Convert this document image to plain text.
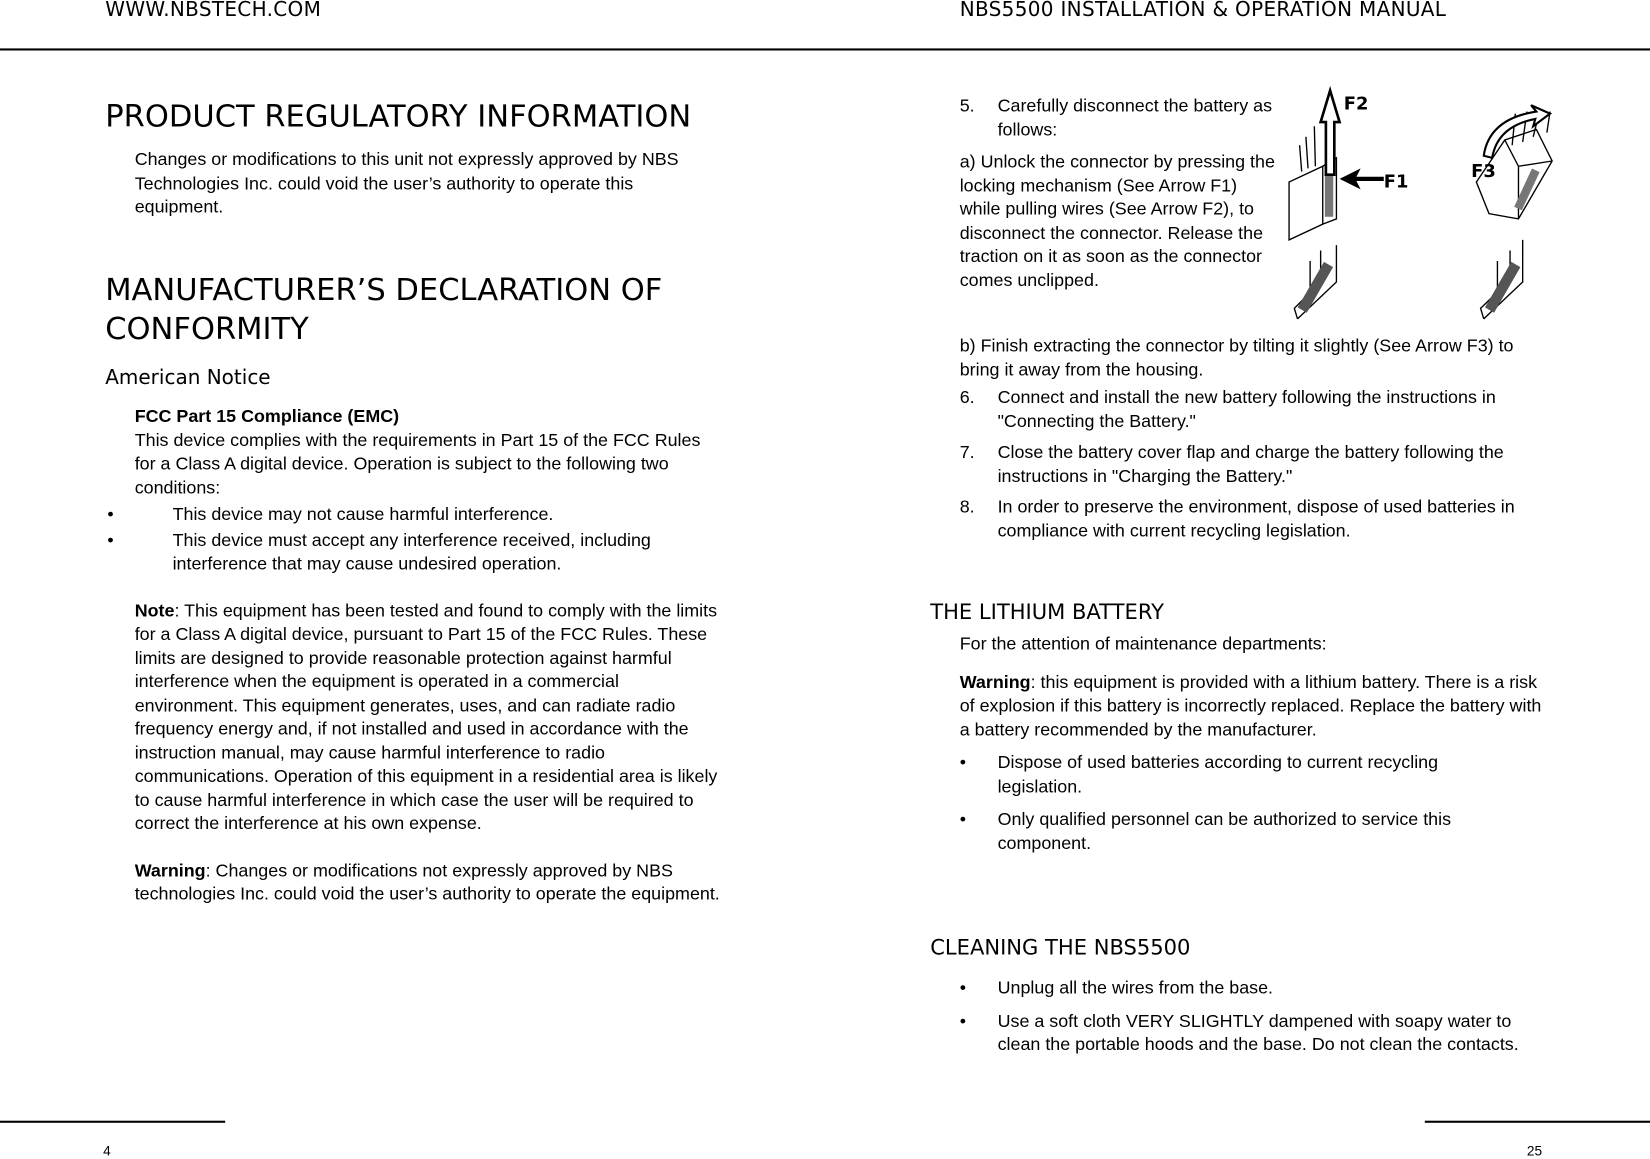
WWW.NBSTECH.COM	NBS5500 INSTALLATION & OPERATION MANUAL
PRODUCT REGULATORY INFORMATION
Changes or modifications to this unit not expressly approved by NBS Technologies Inc. could void the user’s authority to operate this equipment.
MANUFACTURER’S DECLARATION OF CONFORMITY
American Notice
FCC Part 15 Compliance (EMC)
This device complies with the requirements in Part 15 of the FCC Rules for a Class A digital device. Operation is subject to the following two conditions:
•	This device may not cause harmful interference.
•	This device must accept any interference received, including interference that may cause undesired operation.
Note: This equipment has been tested and found to comply with the limits for a Class A digital device, pursuant to Part 15 of the FCC Rules. These limits are designed to provide reasonable protection against harmful interference when the equipment is operated in a commercial environment. This equipment generates, uses, and can radiate radio frequency energy and, if not installed and used in accordance with the instruction manual, may cause harmful interference to radio communications. Operation of this equipment in a residential area is likely to cause harmful interference in which case the user will be required to correct the interference at his own expense.
Warning: Changes or modifications not expressly approved by NBS technologies Inc. could void the user’s authority to operate the equipment.
5. Carefully disconnect the battery as follows:
a) Unlock the connector by pressing the locking mechanism (See Arrow F1) while pulling wires (See Arrow F2), to disconnect the connector. Release the traction on it as soon as the connector comes unclipped.
F1
F2
F3
b) Finish extracting the connector by tilting it slightly (See Arrow F3) to bring it away from the housing.
6. Connect and install the new battery following the instructions in "Connecting the Battery."
7. Close the battery cover flap and charge the battery following the instructions in "Charging the Battery."
8. In order to preserve the environment, dispose of used batteries in compliance with current recycling legislation.
THE LITHIUM BATTERY
For the attention of maintenance departments:
Warning: this equipment is provided with a lithium battery. There is a risk of explosion if this battery is incorrectly replaced. Replace the battery with a battery recommended by the manufacturer.
• Dispose of used batteries according to current recycling legislation.
• Only qualified personnel can be authorized to service this component.
CLEANING THE NBS5500
• Unplug all the wires from the base.
• Use a soft cloth VERY SLIGHTLY dampened with soapy water to clean the portable hoods and the base. Do not clean the contacts.
4	25
